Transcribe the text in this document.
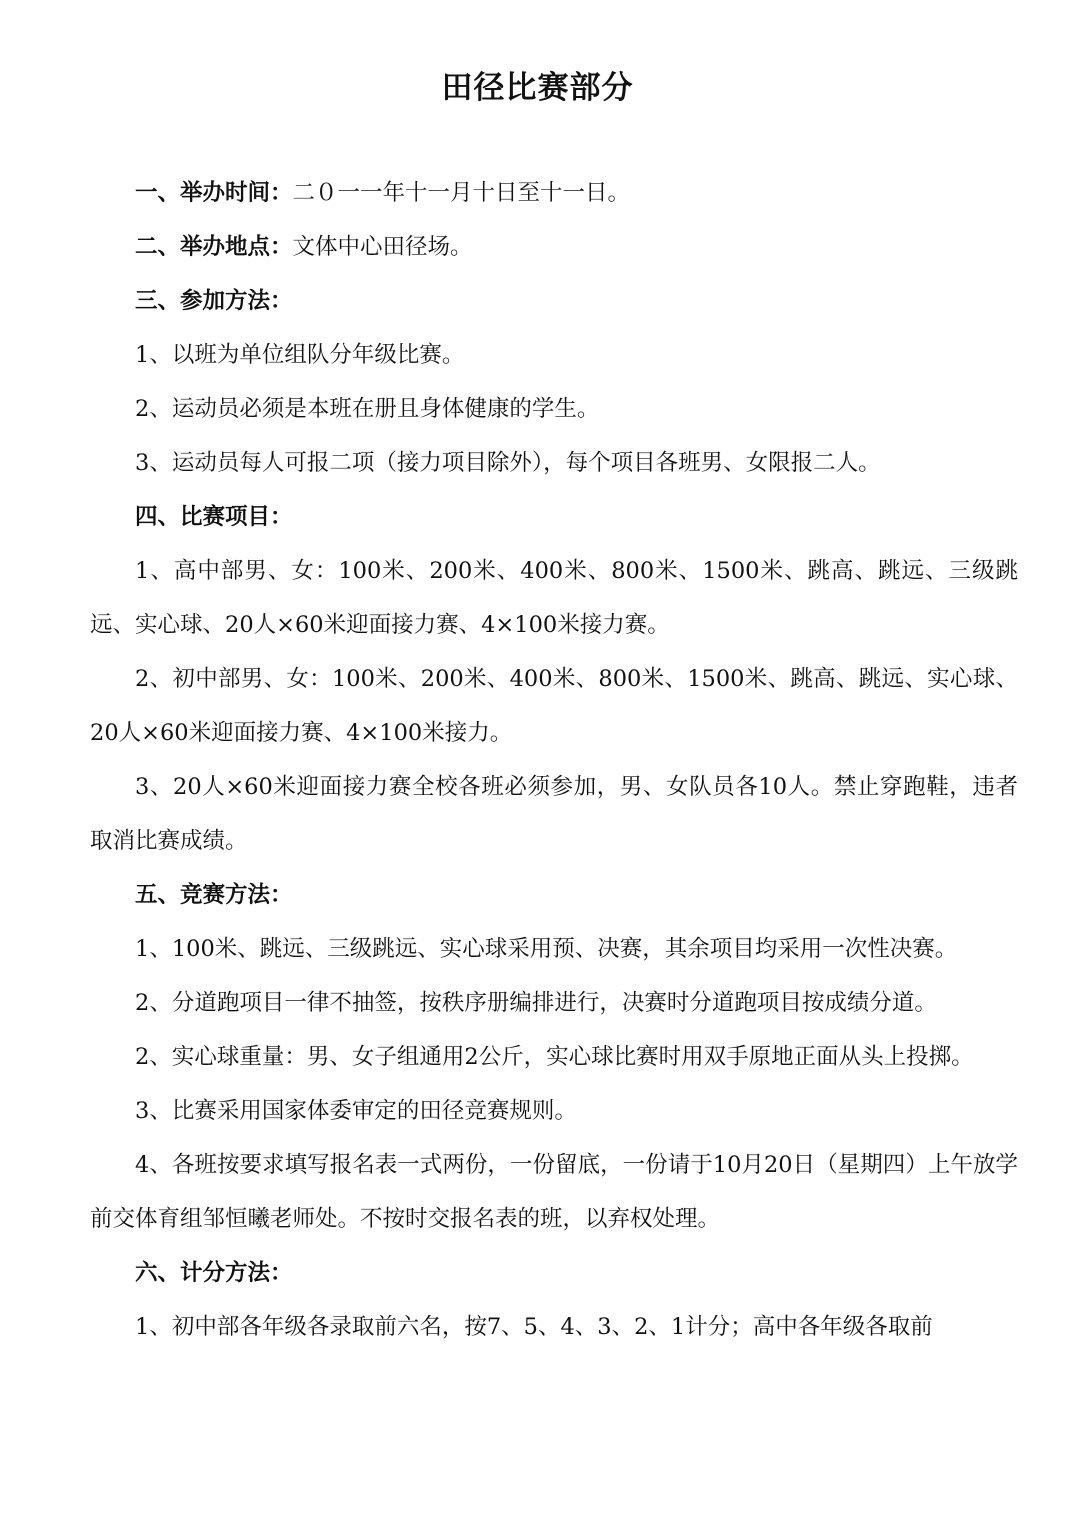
田径比赛部分

一、举办时间：二０一一年十一月十日至十一日。

二、举办地点：文体中心田径场。

三、参加方法：

1、以班为单位组队分年级比赛。

2、运动员必须是本班在册且身体健康的学生。

3、运动员每人可报二项（接力项目除外），每个项目各班男、女限报二人。

四、比赛项目：

1、高中部男、女：100米、200米、400米、800米、1500米、跳高、跳远、三级跳远、实心球、20人×60米迎面接力赛、4×100米接力赛。

2、初中部男、女：100米、200米、400米、800米、1500米、跳高、跳远、实心球、20人×60米迎面接力赛、4×100米接力。

3、20人×60米迎面接力赛全校各班必须参加，男、女队员各10人。禁止穿跑鞋，违者取消比赛成绩。

五、竞赛方法：

1、100米、跳远、三级跳远、实心球采用预、决赛，其余项目均采用一次性决赛。

2、分道跑项目一律不抽签，按秩序册编排进行，决赛时分道跑项目按成绩分道。

2、实心球重量：男、女子组通用2公斤，实心球比赛时用双手原地正面从头上投掷。

3、比赛采用国家体委审定的田径竞赛规则。

4、各班按要求填写报名表一式两份，一份留底，一份请于10月20日（星期四）上午放学前交体育组邹恒曦老师处。不按时交报名表的班，以弃权处理。

六、计分方法：

1、初中部各年级各录取前六名，按7、5、4、3、2、1计分；高中各年级各取前
